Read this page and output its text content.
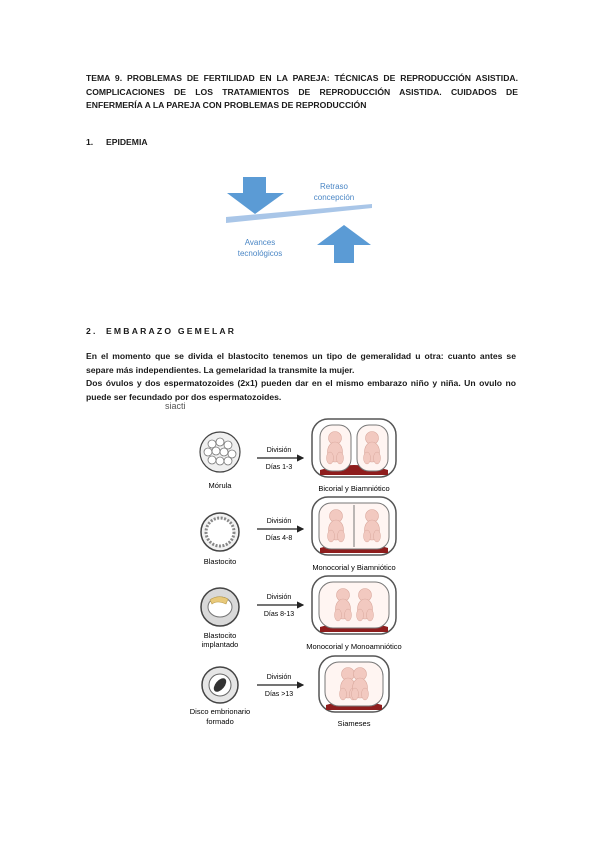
TEMA 9. PROBLEMAS DE FERTILIDAD EN LA PAREJA: TÉCNICAS DE REPRODUCCIÓN ASISTIDA. COMPLICACIONES DE LOS TRATAMIENTOS DE REPRODUCCIÓN ASISTIDA. CUIDADOS DE ENFERMERÍA A LA PAREJA CON PROBLEMAS DE REPRODUCCIÓN
1. EPIDEMIA
Retraso
concepción
Avances
tecnológicos
2. EMBARAZO GEMELAR

En el momento que se divida el blastocito tenemos un tipo de gemeralidad u otra: cuanto antes se separe más independientes. La gemelaridad la transmite la mujer.

Dos óvulos y dos espermatozoides (2x1) pueden dar en el mismo embarazo niño y niña. Un ovulo no puede ser fecundado por dos espermatozoides.

siacti
Mórula
División
Días 1-3
Bicorial y Biamniótico
Blastocito
División
Días 4-8
Monocorial y Biamniótico
Blastocito
implantado
División
Días 8-13
Monocorial y Monoamniótico
Disco embrionario
formado
División
Días >13
Siameses
